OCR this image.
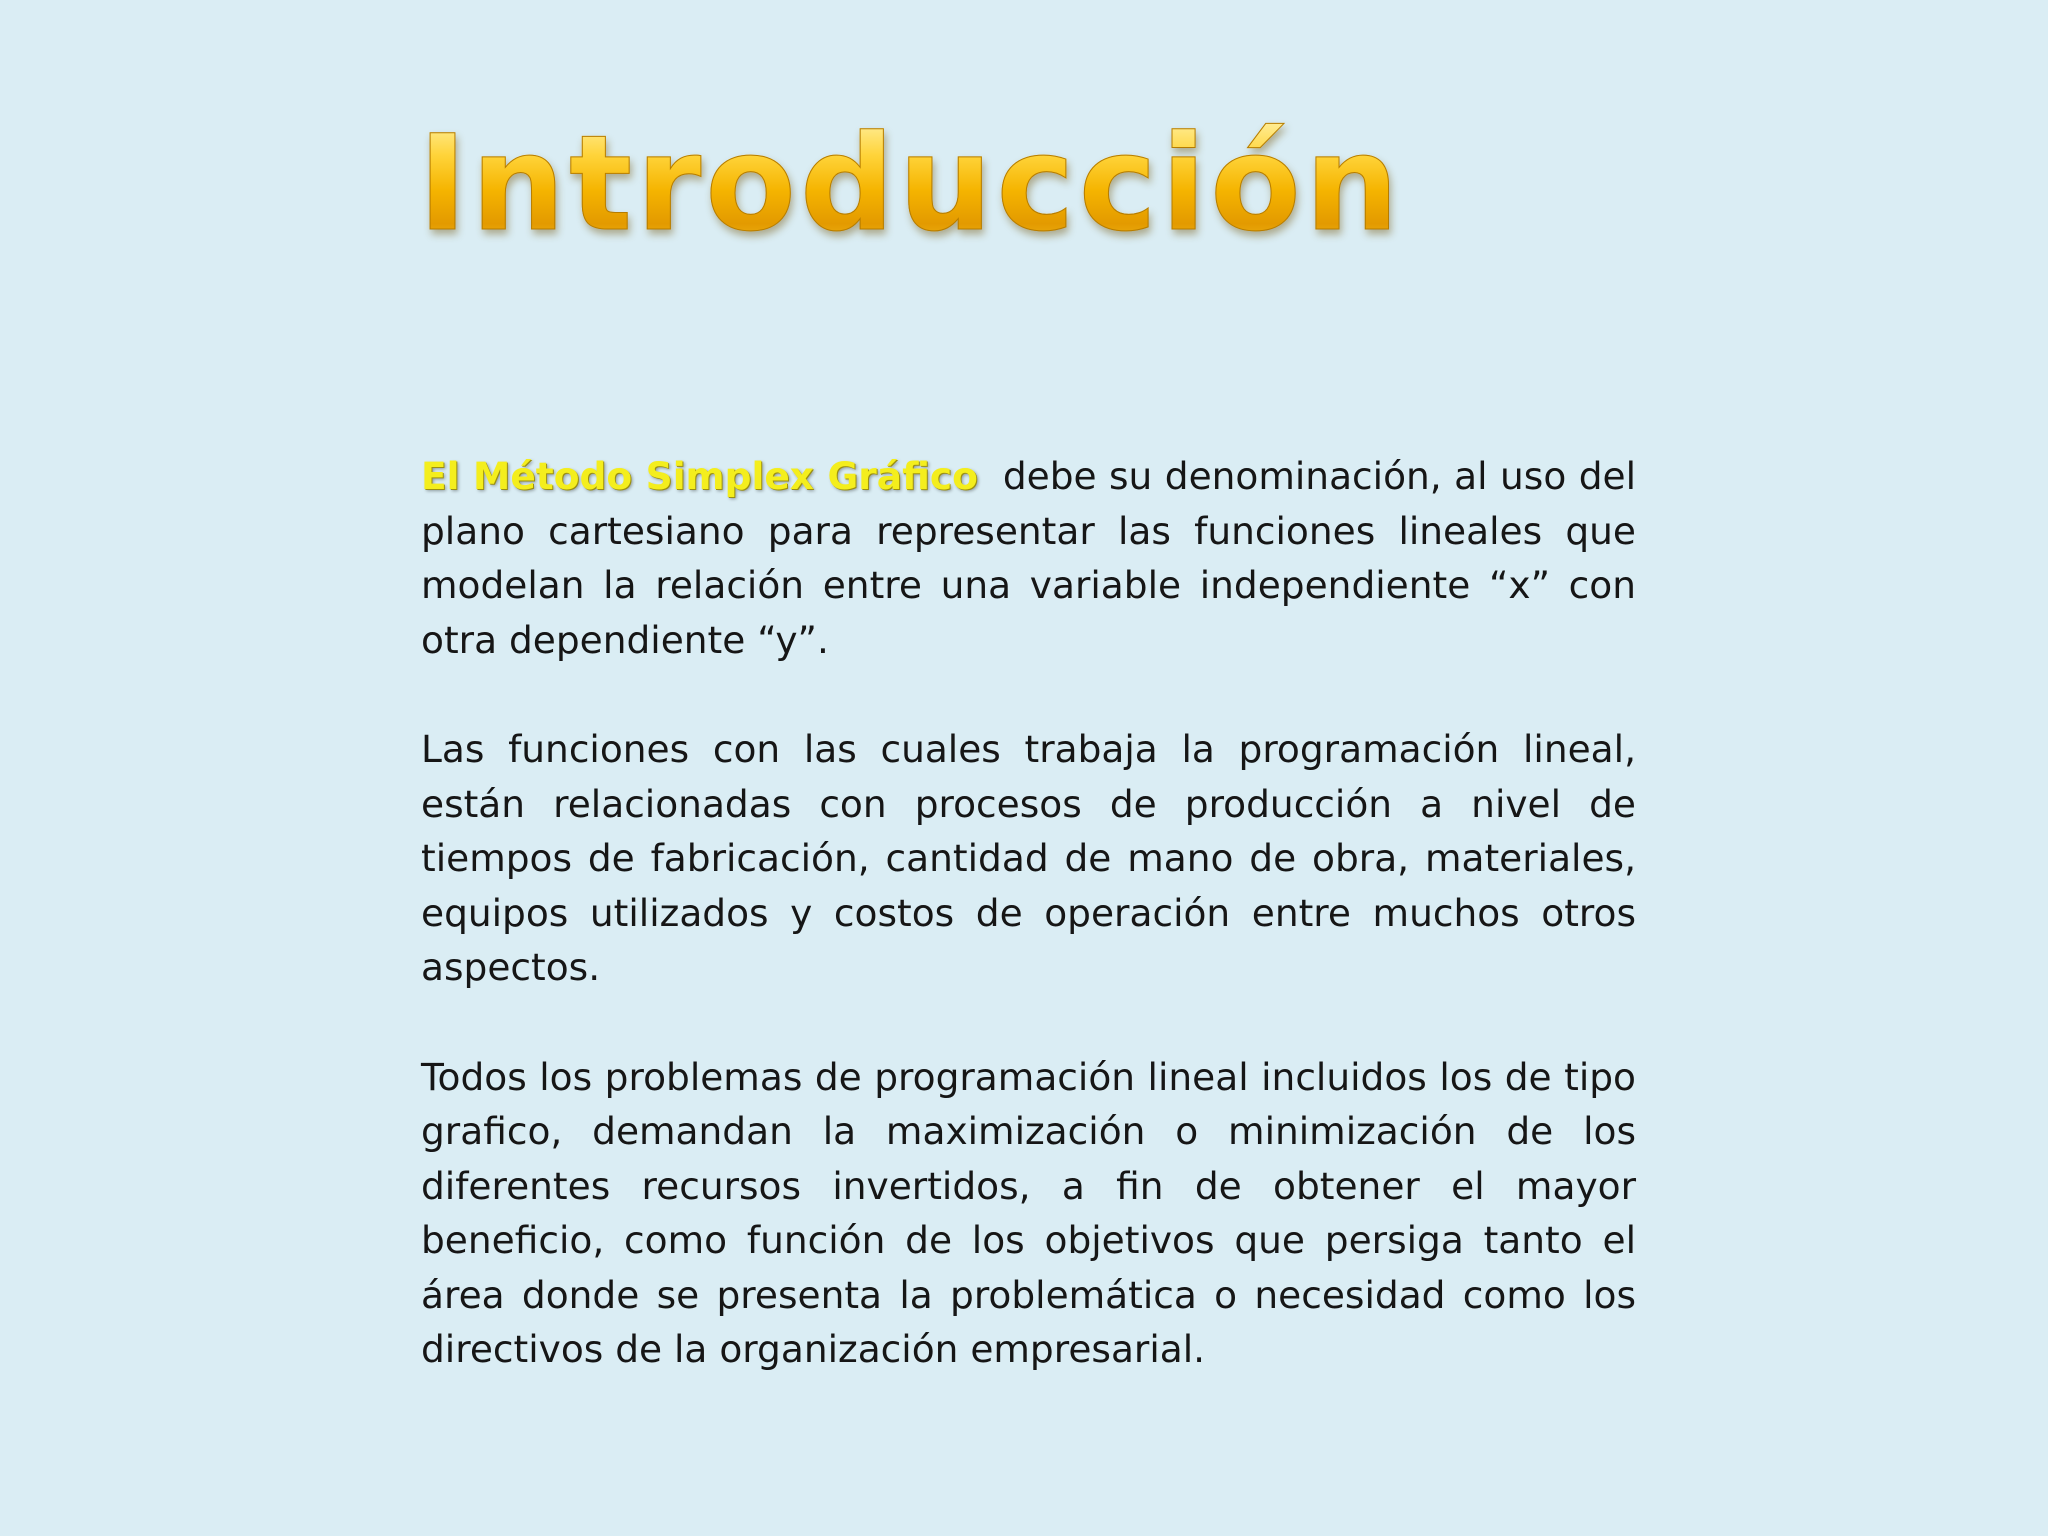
Introducción

El Método Simplex Gráfico debe su denominación, al uso del plano cartesiano para representar las funciones lineales que modelan la relación entre una variable independiente “x” con otra dependiente “y”.

Las funciones con las cuales trabaja la programación lineal, están relacionadas con procesos de producción a nivel de tiempos de fabricación, cantidad de mano de obra, materiales, equipos utilizados y costos de operación entre muchos otros aspectos.

Todos los problemas de programación lineal incluidos los de tipo grafico, demandan la maximización o minimización de los diferentes recursos invertidos, a fin de obtener el mayor beneficio, como función de los objetivos que persiga tanto el área donde se presenta la problemática o necesidad como los directivos de la organización empresarial.
